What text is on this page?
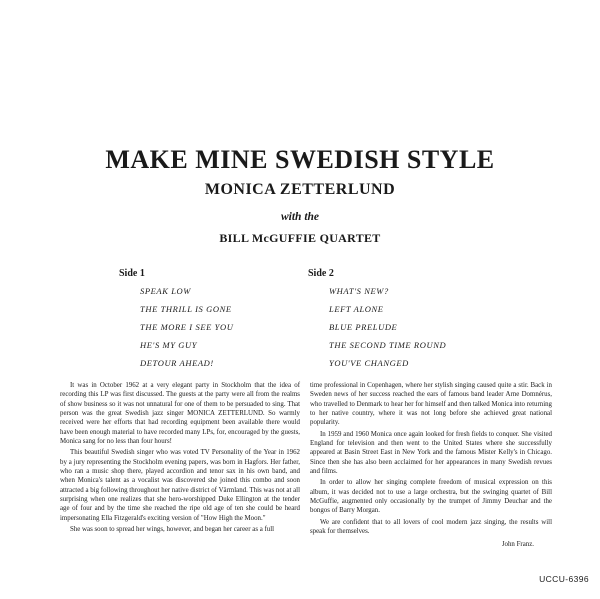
MAKE MINE SWEDISH STYLE
MONICA ZETTERLUND
with the
BILL McGUFFIE QUARTET
Side 1
SPEAK LOW
THE THRILL IS GONE
THE MORE I SEE YOU
HE'S MY GUY
DETOUR AHEAD!
Side 2
WHAT'S NEW?
LEFT ALONE
BLUE PRELUDE
THE SECOND TIME ROUND
YOU'VE CHANGED

It was in October 1962 at a very elegant party in Stockholm that the idea of recording this LP was first discussed. The guests at the party were all from the realms of show business so it was not unnatural for one of them to be persuaded to sing. That person was the great Swedish jazz singer MONICA ZETTERLUND. So warmly received were her efforts that had recording equipment been available there would have been enough material to have recorded many LPs, for, encouraged by the guests, Monica sang for no less than four hours!

This beautiful Swedish singer who was voted TV Personality of the Year in 1962 by a jury representing the Stockholm evening papers, was born in Hagfors. Her father, who ran a music shop there, played accordion and tenor sax in his own band, and when Monica's talent as a vocalist was discovered she joined this combo and soon attracted a big following throughout her native district of Värmland. This was not at all surprising when one realizes that she hero-worshipped Duke Ellington at the tender age of four and by the time she reached the ripe old age of ten she could be heard impersonating Ella Fitzgerald's exciting version of "How High the Moon."

She was soon to spread her wings, however, and began her career as a full

time professional in Copenhagen, where her stylish singing caused quite a stir. Back in Sweden news of her success reached the ears of famous band leader Arne Domnérus, who travelled to Denmark to hear her for himself and then talked Monica into returning to her native country, where it was not long before she achieved great national popularity.

In 1959 and 1960 Monica once again looked for fresh fields to conquer. She visited England for television and then went to the United States where she successfully appeared at Basin Street East in New York and the famous Mister Kelly's in Chicago. Since then she has also been acclaimed for her appearances in many Swedish revues and films.

In order to allow her singing complete freedom of musical expression on this album, it was decided not to use a large orchestra, but the swinging quartet of Bill McGuffie, augmented only occasionally by the trumpet of Jimmy Deuchar and the bongos of Barry Morgan.

We are confident that to all lovers of cool modern jazz singing, the results will speak for themselves.

John Franz.
UCCU-6396
